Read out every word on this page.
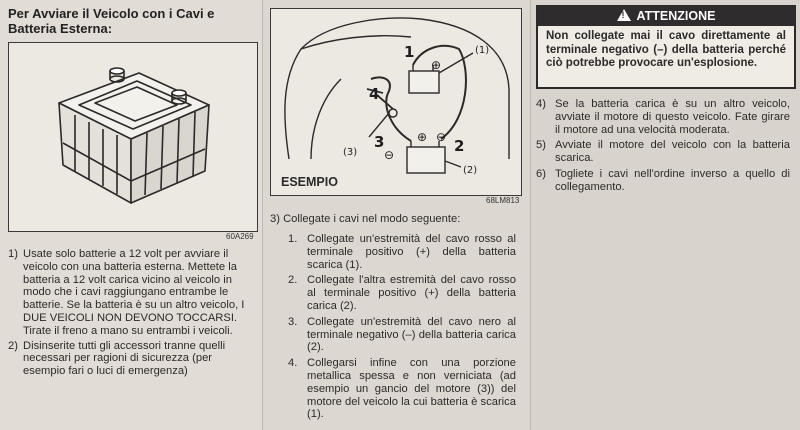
Per Avviare il Veicolo con i Cavi e Batteria Esterna:
60A269
1) Usate solo batterie a 12 volt per avviare il veicolo con una batteria esterna. Mettete la batteria a 12 volt carica vicino al veicolo in modo che i cavi raggiungano entrambe le batterie. Se la batteria è su un altro veicolo, I DUE VEICOLI NON DEVONO TOCCARSI. Tirate il freno a mano su entrambi i veicoli.
2) Disinserite tutti gli accessori tranne quelli necessari per ragioni di sicurezza (per esempio fari o luci di emergenza)
1
2
3
4
(1)
(2)
(3)
⊕
⊕ ⊖
⊖
ESEMPIO
68LM813
3) Collegate i cavi nel modo seguente:
1. Collegate un'estremità del cavo rosso al terminale positivo (+) della batteria scarica (1).
2. Collegate l'altra estremità del cavo rosso al terminale positivo (+) della batteria carica (2).
3. Collegate un'estremità del cavo nero al terminale negativo (–) della batteria carica (2).
4. Collegarsi infine con una porzione metallica spessa e non verniciata (ad esempio un gancio del motore (3)) del motore del veicolo la cui batteria è scarica (1).
! ATTENZIONE
Non collegate mai il cavo direttamente al terminale negativo (–) della batteria perché ciò potrebbe provocare un'esplosione.
4) Se la batteria carica è su un altro veicolo, avviate il motore di questo veicolo. Fate girare il motore ad una velocità moderata.
5) Avviate il motore del veicolo con la batteria scarica.
6) Togliete i cavi nell'ordine inverso a quello di collegamento.
